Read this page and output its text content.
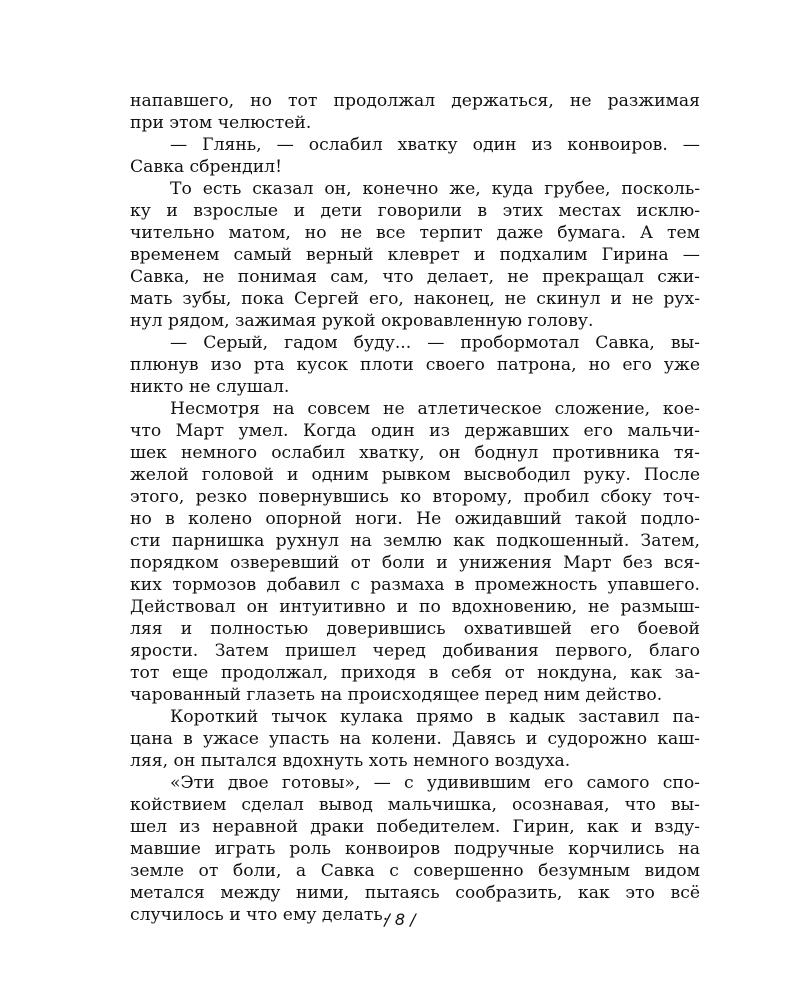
напавшего, но тот продолжал держаться, не разжимая
при этом челюстей.
— Глянь, — ослабил хватку один из конвоиров. —
Савка сбрендил!
То есть сказал он, конечно же, куда грубее, посколь-
ку и взрослые и дети говорили в этих местах исклю-
чительно матом, но не все терпит даже бумага. А тем
временем самый верный клеврет и подхалим Гирина —
Савка, не понимая сам, что делает, не прекращал сжи-
мать зубы, пока Сергей его, наконец, не скинул и не рух-
нул рядом, зажимая рукой окровавленную голову.
— Серый, гадом буду... — пробормотал Савка, вы-
плюнув изо рта кусок плоти своего патрона, но его уже
никто не слушал.
Несмотря на совсем не атлетическое сложение, кое-
что Март умел. Когда один из державших его мальчи-
шек немного ослабил хватку, он боднул противника тя-
желой головой и одним рывком высвободил руку. После
этого, резко повернувшись ко второму, пробил сбоку точ-
но в колено опорной ноги. Не ожидавший такой подло-
сти парнишка рухнул на землю как подкошенный. Затем,
порядком озверевший от боли и унижения Март без вся-
ких тормозов добавил с размаха в промежность упавшего.
Действовал он интуитивно и по вдохновению, не размыш-
ляя и полностью доверившись охватившей его боевой
ярости. Затем пришел черед добивания первого, благо
тот еще продолжал, приходя в себя от нокдуна, как за-
чарованный глазеть на происходящее перед ним действо.
Короткий тычок кулака прямо в кадык заставил па-
цана в ужасе упасть на колени. Давясь и судорожно каш-
ляя, он пытался вдохнуть хоть немного воздуха.
«Эти двое готовы», — с удивившим его самого спо-
койствием сделал вывод мальчишка, осознавая, что вы-
шел из неравной драки победителем. Гирин, как и взду-
мавшие играть роль конвоиров подручные корчились на
земле от боли, а Савка с совершенно безумным видом
метался между ними, пытаясь сообразить, как это всё
случилось и что ему делать.
/ 8 /
